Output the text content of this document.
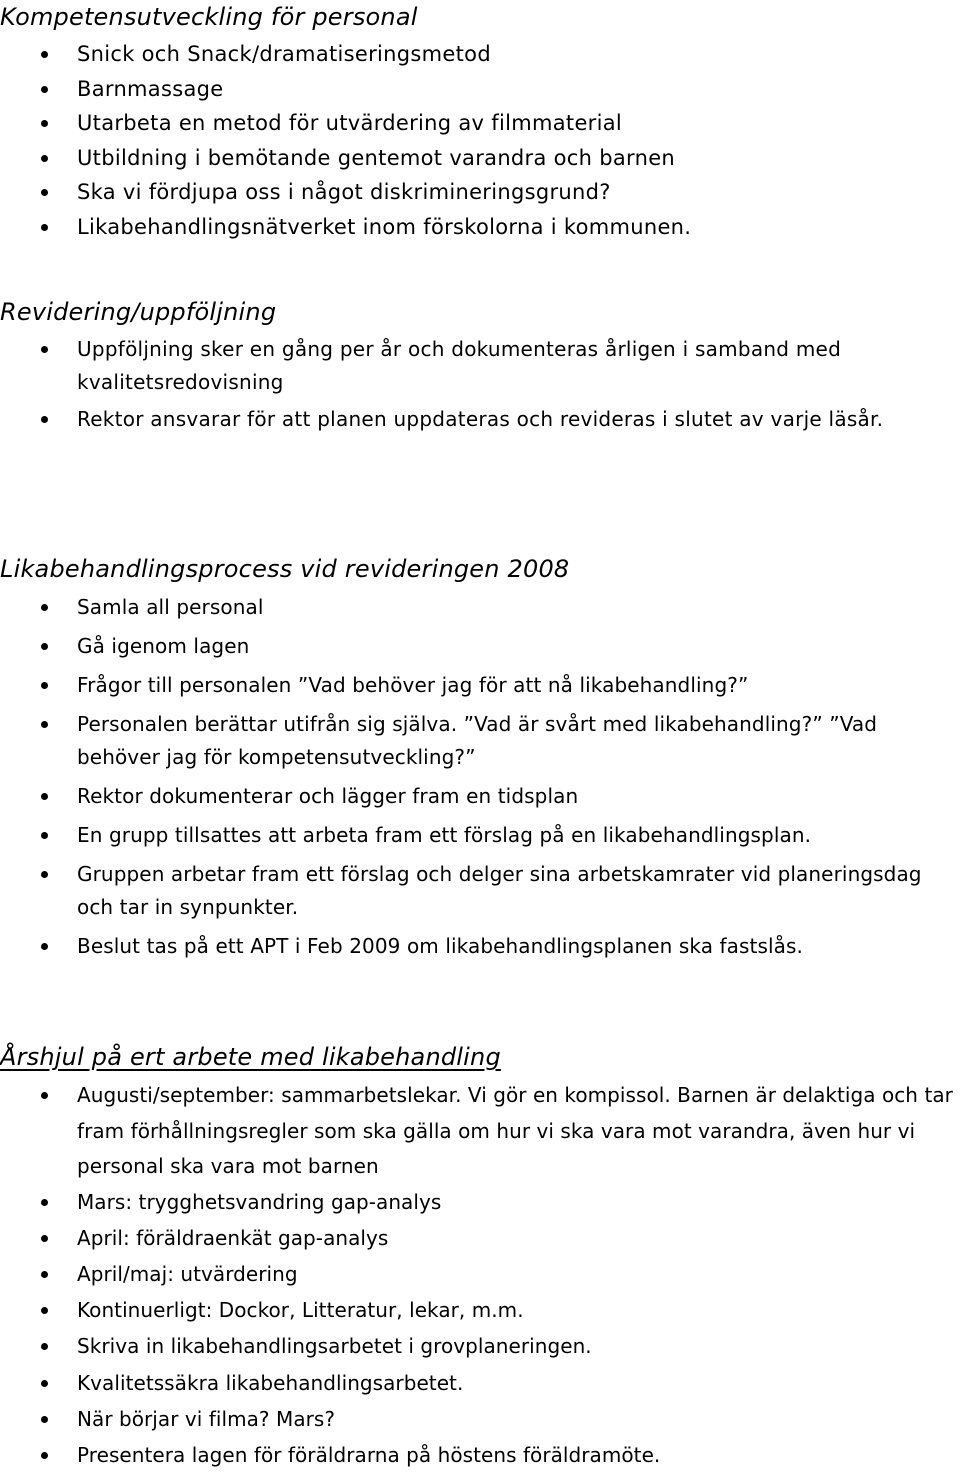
Kompetensutveckling för personal
Snick och Snack/dramatiseringsmetod
Barnmassage
Utarbeta en metod för utvärdering av filmmaterial
Utbildning i bemötande gentemot varandra och barnen
Ska vi fördjupa oss i något diskrimineringsgrund?
Likabehandlingsnätverket inom förskolorna i kommunen.
Revidering/uppföljning
Uppföljning sker en gång per år och dokumenteras årligen i samband med kvalitetsredovisning
Rektor ansvarar för att planen uppdateras och revideras i slutet av varje läsår.
Likabehandlingsprocess vid revideringen 2008
Samla all personal
Gå igenom lagen
Frågor till personalen ”Vad behöver jag för att nå likabehandling?”
Personalen berättar utifrån sig själva. ”Vad är svårt med likabehandling?” ”Vad behöver jag för kompetensutveckling?”
Rektor dokumenterar och lägger fram en tidsplan
En grupp tillsattes att arbeta fram ett förslag på en likabehandlingsplan.
Gruppen arbetar fram ett förslag och delger sina arbetskamrater vid planeringsdag och tar in synpunkter.
Beslut tas på ett APT i Feb 2009 om likabehandlingsplanen ska fastslås.
Årshjul på ert arbete med likabehandling
Augusti/september: sammarbetslekar. Vi gör en kompissol. Barnen är delaktiga och tar fram förhållningsregler som ska gälla om hur vi ska vara mot varandra, även hur vi personal ska vara mot barnen
Mars: trygghetsvandring gap-analys
April: föräldraenkät gap-analys
April/maj: utvärdering
Kontinuerligt: Dockor, Litteratur, lekar, m.m.
Skriva in likabehandlingsarbetet i grovplaneringen.
Kvalitetssäkra likabehandlingsarbetet.
När börjar vi filma? Mars?
Presentera lagen för föräldrarna på höstens föräldramöte.
